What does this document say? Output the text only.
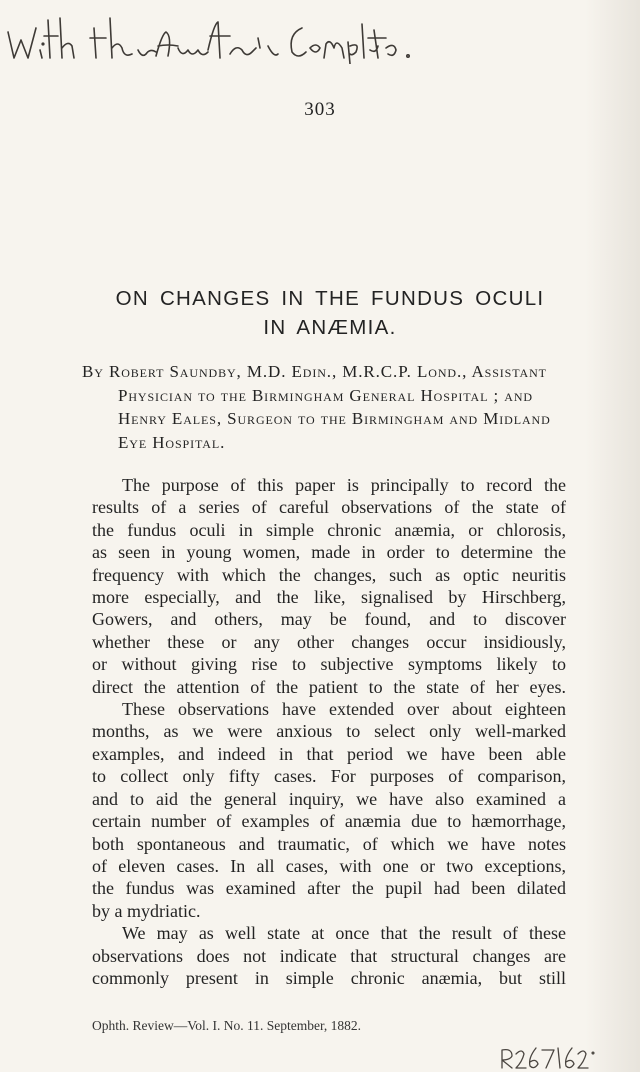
303
ON CHANGES IN THE FUNDUS OCULI
IN ANÆMIA.
By Robert Saundby, M.D. Edin., M.R.C.P. Lond., Assistant
Physician to the Birmingham General Hospital ; and
Henry Eales, Surgeon to the Birmingham and Midland
Eye Hospital.
The purpose of this paper is principally to record the
results of a series of careful observations of the state of
the fundus oculi in simple chronic anæmia, or chlorosis,
as seen in young women, made in order to determine the
frequency with which the changes, such as optic neuritis
more especially, and the like, signalised by Hirschberg,
Gowers, and others, may be found, and to discover
whether these or any other changes occur insidiously,
or without giving rise to subjective symptoms likely to
direct the attention of the patient to the state of her eyes.
These observations have extended over about eighteen
months, as we were anxious to select only well-marked
examples, and indeed in that period we have been able
to collect only fifty cases. For purposes of comparison,
and to aid the general inquiry, we have also examined a
certain number of examples of anæmia due to hæmorrhage,
both spontaneous and traumatic, of which we have notes
of eleven cases. In all cases, with one or two exceptions,
the fundus was examined after the pupil had been dilated
by a mydriatic.
We may as well state at once that the result of these
observations does not indicate that structural changes are
commonly present in simple chronic anæmia, but still
Ophth. Review—Vol. I. No. 11. September, 1882.
